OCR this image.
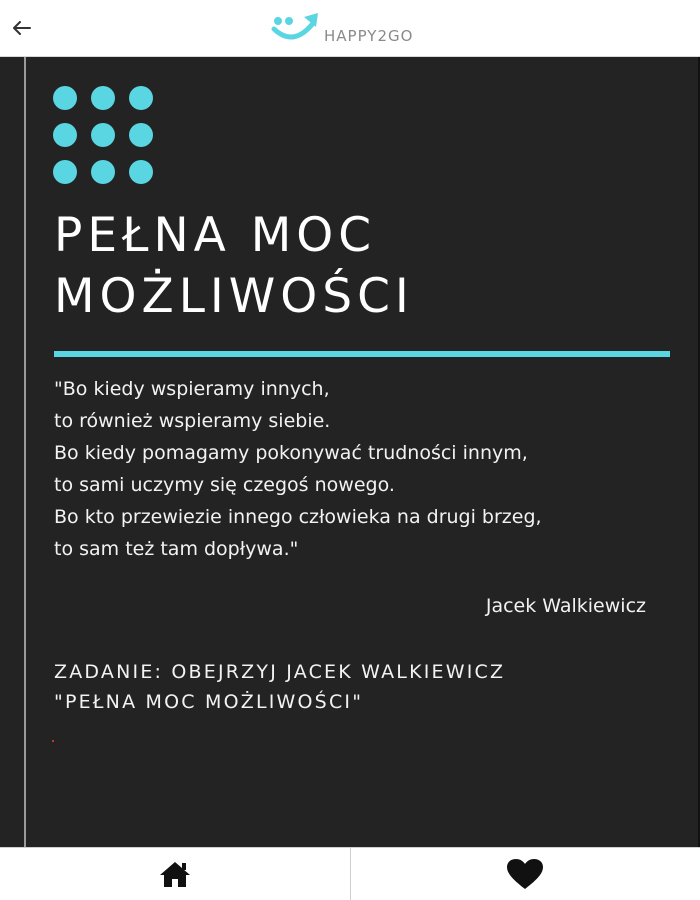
HAPPY2GO
PEŁNA MOC
MOŻLIWOŚCI
"Bo kiedy wspieramy innych,
to również wspieramy siebie.
Bo kiedy pomagamy pokonywać trudności innym,
to sami uczymy się czegoś nowego.
Bo kto przewiezie innego człowieka na drugi brzeg,
to sam też tam dopływa."
Jacek Walkiewicz
ZADANIE: OBEJRZYJ JACEK WALKIEWICZ
"PEŁNA MOC MOŻLIWOŚCI"
